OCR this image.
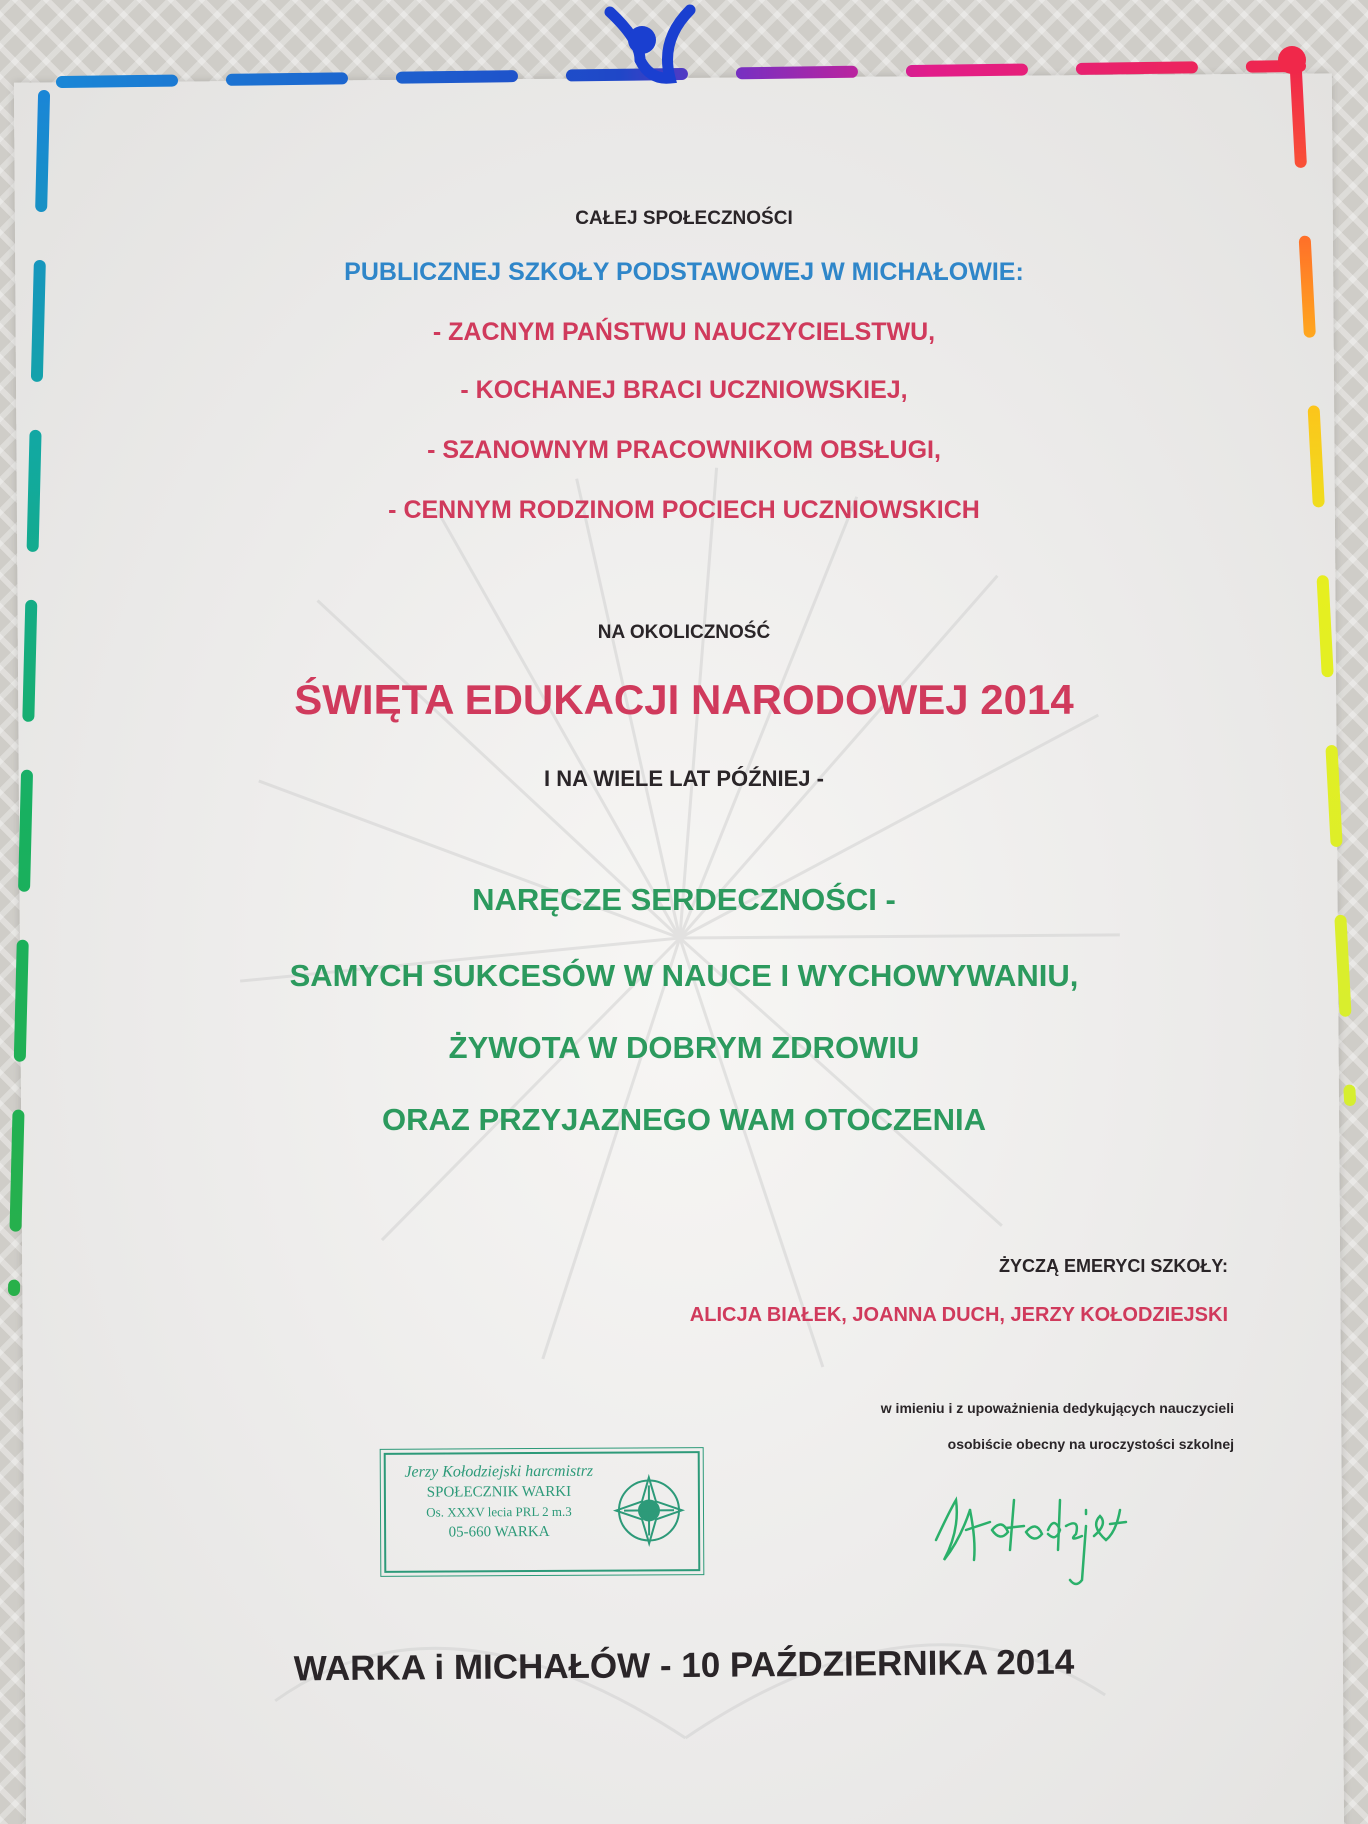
CAŁEJ SPOŁECZNOŚCI
PUBLICZNEJ SZKOŁY PODSTAWOWEJ W MICHAŁOWIE:
- ZACNYM PAŃSTWU NAUCZYCIELSTWU,
- KOCHANEJ BRACI UCZNIOWSKIEJ,
- SZANOWNYM PRACOWNIKOM OBSŁUGI,
- CENNYM RODZINOM POCIECH UCZNIOWSKICH
NA OKOLICZNOŚĆ
ŚWIĘTA EDUKACJI NARODOWEJ 2014
I NA WIELE LAT PÓŹNIEJ -
NARĘCZE SERDECZNOŚCI -
SAMYCH SUKCESÓW W NAUCE I WYCHOWYWANIU,
ŻYWOTA W DOBRYM ZDROWIU
ORAZ PRZYJAZNEGO WAM OTOCZENIA
ŻYCZĄ EMERYCI SZKOŁY:
ALICJA BIAŁEK, JOANNA DUCH, JERZY KOŁODZIEJSKI
w imieniu i z upoważnienia dedykujących nauczycieli
osobiście obecny na uroczystości szkolnej
Jerzy Kołodziejski harcmistrz
SPOŁECZNIK WARKI
Os. XXXV lecia PRL 2 m.3
05-660 WARKA
WARKA i MICHAŁÓW - 10 PAŹDZIERNIKA 2014
